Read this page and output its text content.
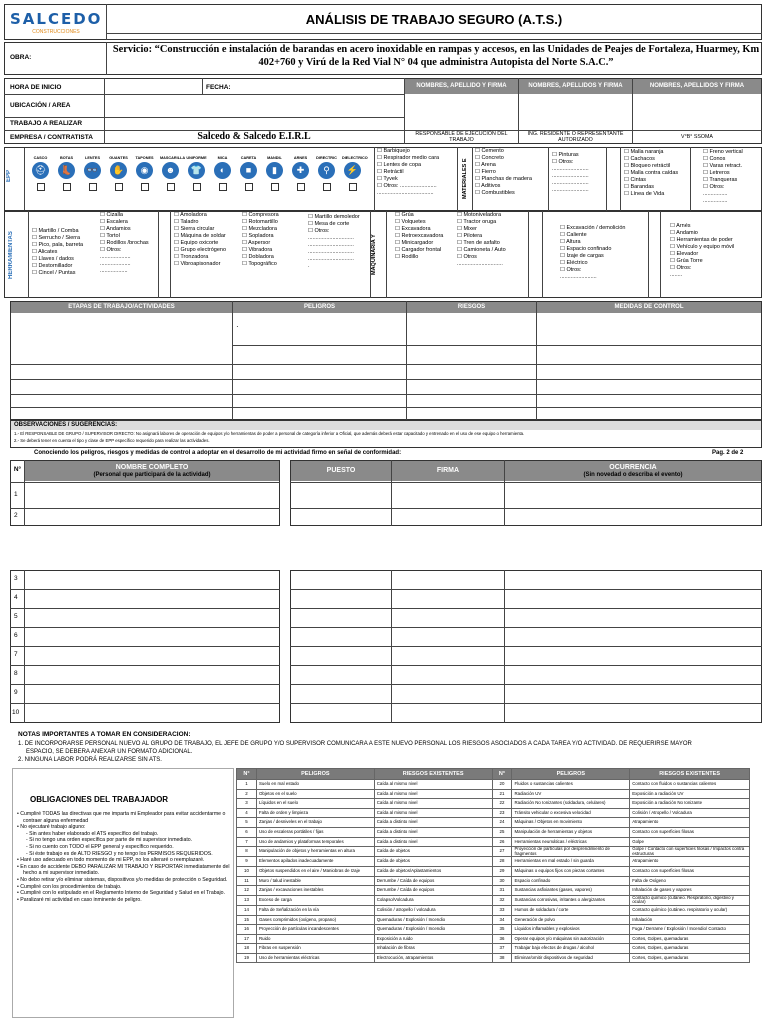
SALCEDO
CONSTRUCCIONES
ANÁLISIS DE TRABAJO SEGURO (A.T.S.)
OBRA:
Servicio: “Construcción e instalación de barandas en acero inoxidable en rampas y accesos, en las Unidades de Peajes de Fortaleza, Huarmey, Km 402+760 y Virú de la Red Vial N° 04 que administra Autopista del Norte S.A.C.”
HORA DE INICIO	FECHA:
UBICACIÓN / AREA
TRABAJO A REALIZAR
EMPRESA / CONTRATISTA	Salcedo & Salcedo E.I.R.L
NOMBRES, APELLIDO Y FIRMA	NOMBRES, APELLIDOS Y FIRMA	NOMBRES, APELLIDOS Y FIRMA
RESPONSABLE DE EJECUCIÓN DEL TRABAJO
ING. RESIDENTE O REPRESENTANTE AUTORIZADO	V°B° SSOMA
EPP
CASCO
⛑
BOTAS
👢
LENTES
👓
GUANTES
✋
TAPONES
◉
MASCARILLA
☻
UNIFORME
👕
MICA
◐
CARETA
■
MANDIL
▮
ARNES
✚
DIRECTRIC
⚲
DIELECTRICO
⚡
☐ Barbiquejo
☐ Respirador medio cara
☐ Lentes de copa
☐ Retráctil
☐ Tyvek
☐ Otros: ........................
.....................................	MATERIALES E
☐ Cemento
☐ Concreto
☐ Arena
☐ Fierro
☐ Planchas de madera
☐ Aditivos
☐ Combustibles
☐ Pinturas
☐ Otros:
........................
........................
........................
........................
☐ Malla naranja
☐ Cachacos
☐ Bloqueo retráctil
☐ Malla contra caídas
☐ Cintas
☐ Barandas
☐ Línea de Vida
☐ Freno vertical
☐ Conos
☐ Varas retract.
☐ Letreros
☐ Tranqueras
☐ Otros:
................
................
HERRAMIENTAS
☐ Martillo / Comba
☐ Serrucho / Sierra
☐ Pico, pala, barreta
☐ Alicates
☐ Llaves / dados
☐ Destornillador
☐ Cincel / Puntas
☐ Cizalla
☐ Escalera
☐ Andamios
☐ Tortol
☐ Rodillos /brochas
☐ Otros:
....................
....................
..................
☐ Amoladora
☐ Taladro
☐ Sierra circular
☐ Máquina de soldar
☐ Equipo oxicorte
☐ Grupo electrógeno
☐ Tronzadora
☐ Vibroapisonador
☐ Compresora
☐ Rotomartillo
☐ Mezcladora
☐ Sopladora
☐ Aspersor
☐ Vibradora
☐ Dobladora
☐ Topográfico
☐ Martillo demoledor
☐ Mesa de corte
☐ Otros:
..............................
..............................
..............................
..............................
.	MAQUINARIA Y
☐ Grúa
☐ Volquetes
☐ Excavadora
☐ Retroexcavadora
☐ Minicargador
☐ Cargador frontal
☐ Rodillo
☐ Motoniveladora
☐ Tractor oruga
☐ Mixer
☐ Pilotera
☐ Tren de asfalto
☐ Camioneta / Auto
☐ Otros
..............................
☐ Excavación / demolición
☐ Caliente
☐ Altura
☐ Espacio confinado
☐ Izaje de cargas
☐ Eléctrico
☐ Otros:
........................
☐ Arnés
☐ Andamio
☐ Herramientas de poder
☐ Vehículo y equipo móvil
☐ Elevador
☐ Grúa Torre
☐ Otros:
........
ETAPAS DE TRABAJO/ACTIVIDADES	PELIGROS	RIESGOS	MEDIDAS DE CONTROL
·
OBSERVACIONES / SUGERENCIAS:
1.- El RESPONSABLE DE GRUPO / SUPERVISOR DIRECTO: No asignará labores de operación de equipos y/o herramientas de poder a personal de categoría inferior a Oficial, que además deberá estar capacitado y entrenado en el uso de ese equipo o herramienta.
2.- Se deberá tener en cuenta el tipo y clase de EPP específico requerido para realizar las actividades.
Conociendo los peligros, riesgos y medidas de control a adoptar en el desarrollo de mi actividad firmo en señal de conformidad:	Pag. 2 de 2
N°	NOMBRE COMPLETO
(Personal que participará de la actividad)
1
2
PUESTO	FIRMA	OCURRENCIA
(Sin novedad o describa el evento)
3
4
5
6
7
8
9
10
NOTAS IMPORTANTES A TOMAR EN CONSIDERACION:
1. DE INCORPORARSE PERSONAL NUEVO AL GRUPO DE TRABAJO, EL JEFE DE GRUPO Y/O SUPERVISOR COMUNICARA A ESTE NUEVO PERSONAL LOS RIESGOS ASOCIADOS A CADA TAREA Y/O ACTIVIDAD. DE REQUERIRSE MAYOR
ESPACIO, SE DEBERA ANEXAR UN FORMATO ADICIONAL.
2. NINGUNA LABOR PODRÁ REALIZARSE SIN ATS.
OBLIGACIONES DEL TRABAJADOR
• Cumpliré TODAS las directivas que me imparta mi Empleador para evitar accidentarme o contraer alguna enfermedad
• No ejecutaré trabajo alguno:
- Sin antes haber elaborado el ATS específico del trabajo.
- Si no tengo una orden específica por parte de mi supervisor inmediato.
- Si no cuento con TODO el EPP general y específico requerido.
- Si éste trabajo es de ALTO RIESGO y no tengo los PERMISOS REQUERIDOS.
• Haré uso adecuado en todo momento de mi EPP, no los alteraré o reemplazaré.
• En caso de accidente DEBO PARALIZAR MI TRABAJO Y REPORTAR inmediatamente del hecho a mi supervisor inmediato.
• No debo retirar y/o eliminar sistemas, dispositivos y/o medidas de protección o Seguridad.
• Cumpliré con los procedimientos de trabajo.
• Cumpliré con lo estipulado en el Reglamento Interno de Seguridad y Salud en el Trabajo.
• Paralizaré mi actividad en caso inminente de peligro.
N°	PELIGROS	RIESGOS EXISTENTES	N°	PELIGROS	RIESGOS EXISTENTES
1	Suelo en mal estado	Caída al mismo nivel	20	Fluidos o sustancias calientes	Contacto con fluidos o sustancias calientes
2	Objetos en el suelo	Caída al mismo nivel	21	Radiación UV	Exposición a radiación UV
3	Líquidos en el suelo	Caída al mismo nivel	22	Radiación No Ionizantes (soldadura, celulares)	Exposición a radiación No Ionizante
4	Falta de orden y limpieza	Caída al mismo nivel	23	Tránsito vehicular o excesiva velocidad	Colisión / Atropello / Volcadura
5	Zanjas / desniveles en el trabajo	Caída a distinto nivel	24	Máquinas / Objetos en movimiento	Atrapamiento
6	Uso de escaleras portátiles / fijas	Caída a distinto nivel	25	Manipulación de herramientas y objetos	Contacto con superficies filosas
7	Uso de andamios y plataformas temporales	Caída a distinto nivel	26	Herramientas neumáticas / eléctricas	Golpe
8	Manipulación de objetos y herramientas en altura	Caída de objetos	27	Proyección de partículas por desprendimiento de fragmentos	Golpe / Contacto con superficies filosas / Impactos contra estructuras
9	Elementos apilados inadecuadamente	Caída de objetos	28	Herramientas en mal estado / sin guarda	Atrapamiento
10	Objetos suspendidos en el aire / Maniobras de Izaje	Caída de objetos/Aplastamientos	29	Máquinas o equipos fijos con piezas cortantes	Contacto con superficies filosas
11	Muro / talud inestable	Derrumbe / Caída de equipos	30	Espacio confinado	Falta de Oxígeno
12	Zanjas / excavaciones inestables	Derrumbe / Caída de equipos	31	Sustancias asfixiantes (gases, vapores)	Inhalación de gases y vapores
13	Exceso de carga	Colapso/Volcadura	32	Sustancias corrosivas, irritantes o alergizantes	Contacto químico (cutáneo. Respiratorio, digestivo y ocular)
14	Falta de Señalización en la vía	Colisión / atropello / volcadura	33	Humos de soldadura / corte	Contacto químico (cutáneo. respiratorio y ocular)
15	Gases comprimidos (oxígeno, propano)	Quemaduras / Explosión / Incendio	34	Generación de polvo	Inhalación
16	Proyección de partículas incandescentes	Quemaduras / Explosión / Incendio	35	Líquidos inflamables y explosivos	Fuga / Derrame / Explosión / Incendio/ Contacto
17	Ruido	Exposición a ruido	36	Operar equipos y/o máquinas sin autorización	Cortes, Golpes, quemaduras
18	Fibras en suspensión	Inhalación de fibras	37	Trabajar bajo efectos de drogas / alcohol	Cortes, Golpes, quemaduras
19	Uso de herramientas eléctricas	Electrocución, atrapamientos	38	Eliminar/omitir dispositivos de seguridad	Cortes, Golpes, quemaduras
